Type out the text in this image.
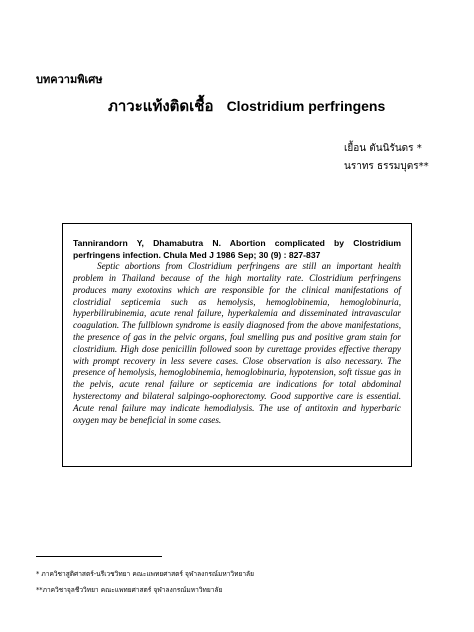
บทความพิเศษ
ภาวะแท้งติดเชื้อ Clostridium perfringens
เยื้อน ตันนิรันดร *
นราทร ธรรมบุตร**
Tannirandorn Y, Dhamabutra N. Abortion complicated by Clostridium perfringens infection. Chula Med J 1986 Sep; 30 (9) : 827-837

Septic abortions from Clostridium perfringens are still an important health problem in Thailand because of the high mortality rate. Clostridium perfringens produces many exotoxins which are responsible for the clinical manifestations of clostridial septicemia such as hemolysis, hemoglobinemia, hemoglobinuria, hyperbilirubinemia, acute renal failure, hyperkalemia and disseminated intravascular coagulation. The fullblown syndrome is easily diagnosed from the above manifestations, the presence of gas in the pelvic organs, foul smelling pus and positive gram stain for clostridium. High dose penicillin followed soon by curettage provides effective therapy with prompt recovery in less severe cases. Close observation is also necessary. The presence of hemolysis, hemoglobinemia, hemoglobinuria, hypotension, soft tissue gas in the pelvis, acute renal failure or septicemia are indications for total abdominal hysterectomy and bilateral salpingo-oophorectomy. Good supportive care is essential. Acute renal failure may indicate hemodialysis. The use of antitoxin and hyperbaric oxygen may be beneficial in some cases.

* ภาควิชาสูติศาสตร์-นรีเวชวิทยา คณะแพทยศาสตร์ จุฬาลงกรณ์มหาวิทยาลัย
**ภาควิชาจุลชีววิทยา คณะแพทยศาสตร์ จุฬาลงกรณ์มหาวิทยาลัย
